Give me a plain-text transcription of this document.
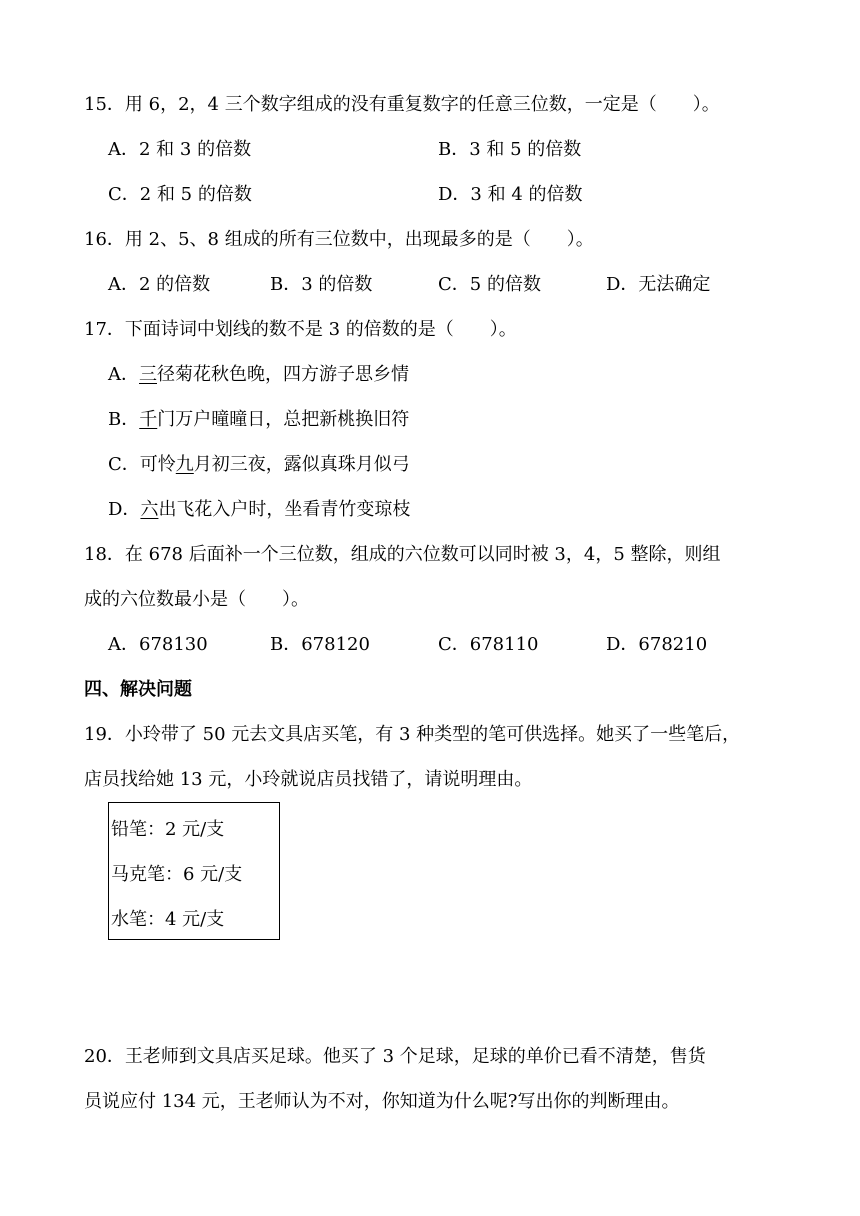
15．用 6，2，4 三个数字组成的没有重复数字的任意三位数，一定是（　　）。
A．2 和 3 的倍数	B．3 和 5 的倍数
C．2 和 5 的倍数	D．3 和 4 的倍数
16．用 2、5、8 组成的所有三位数中，出现最多的是（　　）。
A．2 的倍数	B．3 的倍数	C．5 的倍数	D．无法确定
17．下面诗词中划线的数不是 3 的倍数的是（　　）。
A．三径菊花秋色晚，四方游子思乡情
B．千门万户曈曈日，总把新桃换旧符
C．可怜九月初三夜，露似真珠月似弓
D．六出飞花入户时，坐看青竹变琼枝
18．在 678 后面补一个三位数，组成的六位数可以同时被 3，4，5 整除，则组
成的六位数最小是（　　）。
A．678130	B．678120	C．678110	D．678210
四、解决问题
19．小玲带了 50 元去文具店买笔，有 3 种类型的笔可供选择。她买了一些笔后，
店员找给她 13 元，小玲就说店员找错了，请说明理由。
铅笔：2 元/支
马克笔：6 元/支
水笔：4 元/支
20．王老师到文具店买足球。他买了 3 个足球，足球的单价已看不清楚，售货
员说应付 134 元，王老师认为不对，你知道为什么呢?写出你的判断理由。
